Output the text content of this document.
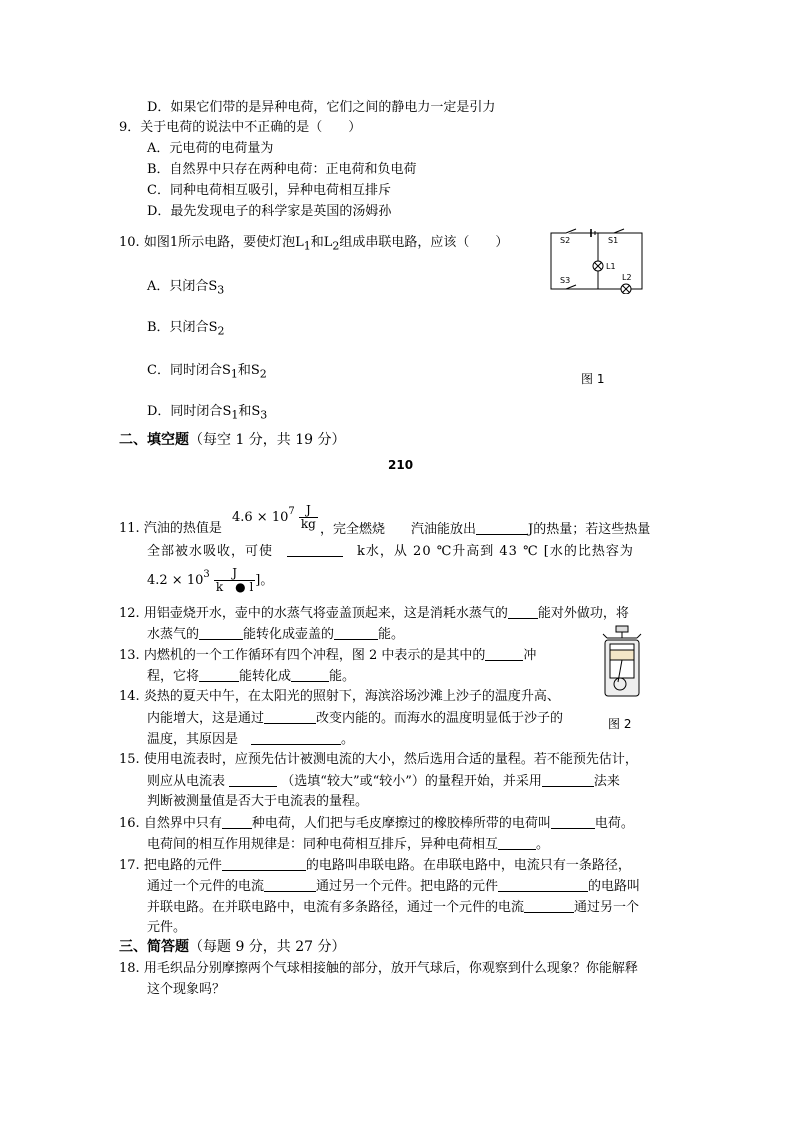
D．如果它们带的是异种电荷，它们之间的静电力一定是引力
9．关于电荷的说法中不正确的是（　　）
A．元电荷的电荷量为
B．自然界中只存在两种电荷：正电荷和负电荷
C．同种电荷相互吸引，异种电荷相互排斥
D．最先发现电子的科学家是英国的汤姆孙
10. 如图1所示电路，要使灯泡$L_1$和$L_2$组成串联电路，应该（　　）
A．只闭合$S_3$
B．只闭合$S_2$
C．同时闭合$S_1$和$S_2$
D．同时闭合$S_1$和$S_3$
S2	S1
S3
L1
L2
图 1
二、填空题（每空 1 分，共 19 分）
210
$4.6 \times 10^7 \frac{J}{kg}$
11. 汽油的热值是	，完全燃烧 汽油能放出	J的热量；若这些热量
全部被水吸收，可使　　	k水，从 20 ℃升高到 43 ℃ [水的比热容为
$4.2 \times 10^3 \frac{J}{k ● l}$ ]。
12. 用铝壶烧开水，壶中的水蒸气将壶盖顶起来，这是消耗水蒸气的 能对外做功，将
水蒸气的	能转化成壶盖的	能。
13. 内燃机的一个工作循环有四个冲程，图 2 中表示的是其中的	冲
程，它将	能转化成	能。
14. 炎热的夏天中午，在太阳光的照射下，海滨浴场沙滩上沙子的温度升高、
内能增大，这是通过	改变内能的。而海水的温度明显低于沙子的	图 2
温度，其原因是　	。
15. 使用电流表时，应预先估计被测电流的大小，然后选用合适的量程。若不能预先估计，
则应从电流表	（选填“较大”或“较小”）的量程开始，并采用	法来
判断被测量值是否大于电流表的量程。
16. 自然界中只有 种电荷，人们把与毛皮摩擦过的橡胶棒所带的电荷叫	电荷。
电荷间的相互作用规律是：同种电荷相互排斥，异种电荷相互	。
17. 把电路的元件	的电路叫串联电路。在串联电路中，电流只有一条路径，
通过一个元件的电流	通过另一个元件。把电路的元件	的电路叫
并联电路。在并联电路中，电流有多条路径，通过一个元件的电流	通过另一个
元件。
三、简答题（每题 9 分，共 27 分）
18. 用毛织品分别摩擦两个气球相接触的部分，放开气球后，你观察到什么现象？你能解释
这个现象吗？
